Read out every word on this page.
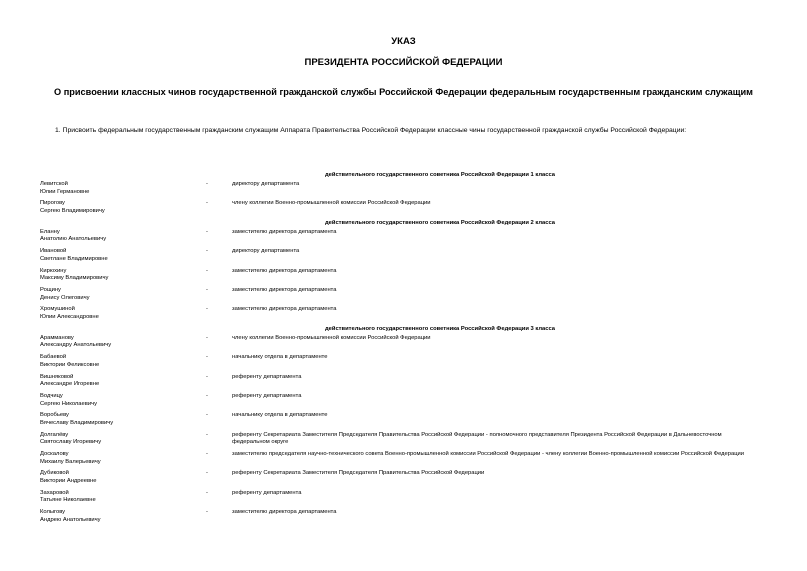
УКАЗ
ПРЕЗИДЕНТА РОССИЙСКОЙ ФЕДЕРАЦИИ
О присвоении классных чинов государственной гражданской службы Российской Федерации федеральным государственным гражданским служащим
1. Присвоить федеральным государственным гражданским служащим Аппарата Правительства Российской Федерации классные чины государственной гражданской службы Российской Федерации:
действительного государственного советника Российской Федерации 1 класса
Левитской
Юлии Германовне
-	директору департамента
Пирогову
Сергею Владимировичу
-	члену коллегии Военно-промышленной комиссии Российской Федерации
действительного государственного советника Российской Федерации 2 класса
Еланну
Анатолию Анатольевичу
-	заместителю директора департамента
Ивановой
Светлане Владимировне
-	директору департамента
Кирюхину
Максиму Владимировичу
-	заместителю директора департамента
Рощину
Денису Олеговичу
-	заместителю директора департамента
Хромушиной
Юлии Александровне
-	заместителю директора департамента
действительного государственного советника Российской Федерации 3 класса
Арамманову
Александру Анатольевичу
-	члену коллегии Военно-промышленной комиссии Российской Федерации
Бабаевой
Виктории Феликсовне
-	начальнику отдела в департаменте
Вишняковой
Александре Игоревне
-	референту департамента
Водчицу
Сергею Николаевичу
-	референту департамента
Воробьеву
Вячеславу Владимировичу
-	начальнику отдела в департаменте
Долгалёву
Святославу Игоревичу
-	референту Секретариата Заместителя Председателя Правительства Российской Федерации - полномочного представителя Президента Российской Федерации в Дальневосточном федеральном округе
Доскалову
Михаилу Валерьевичу
-	заместителю председателя научно-технического совета Военно-промышленной комиссии Российской Федерации - члену коллегии Военно-промышленной комиссии Российской Федерации
Дубиковой
Виктории Андреевне
-	референту Секретариата Заместителя Председателя Правительства Российской Федерации
Захаровой
Татьяне Николаевне
-	референту департамента
Колыгову
Андрею Анатольевичу
-	заместителю директора департамента
